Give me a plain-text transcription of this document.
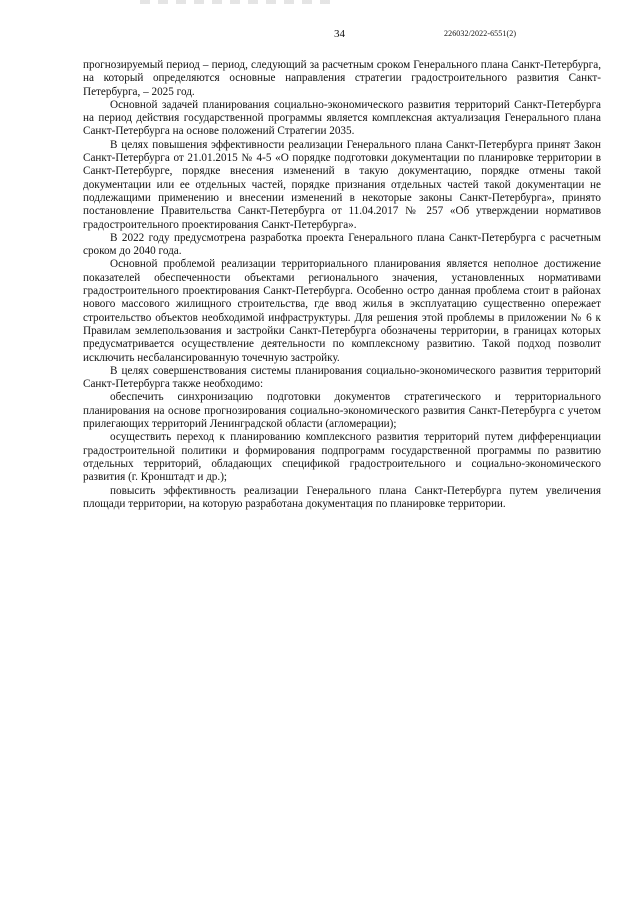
34	226032/2022-6551(2)

прогнозируемый период – период, следующий за расчетным сроком Генерального плана Санкт-Петербурга, на который определяются основные направления стратегии градостроительного развития Санкт-Петербурга, – 2025 год.

Основной задачей планирования социально-экономического развития территорий Санкт-Петербурга на период действия государственной программы является комплексная актуализация Генерального плана Санкт-Петербурга на основе положений Стратегии 2035.

В целях повышения эффективности реализации Генерального плана Санкт-Петербурга принят Закон Санкт-Петербурга от 21.01.2015 № 4-5 «О порядке подготовки документации по планировке территории в Санкт-Петербурге, порядке внесения изменений в такую документацию, порядке отмены такой документации или ее отдельных частей, порядке признания отдельных частей такой документации не подлежащими применению и внесении изменений в некоторые законы Санкт-Петербурга», принято постановление Правительства Санкт-Петербурга от 11.04.2017 № 257 «Об утверждении нормативов градостроительного проектирования Санкт-Петербурга».

В 2022 году предусмотрена разработка проекта Генерального плана Санкт-Петербурга с расчетным сроком до 2040 года.

Основной проблемой реализации территориального планирования является неполное достижение показателей обеспеченности объектами регионального значения, установленных нормативами градостроительного проектирования Санкт-Петербурга. Особенно остро данная проблема стоит в районах нового массового жилищного строительства, где ввод жилья в эксплуатацию существенно опережает строительство объектов необходимой инфраструктуры. Для решения этой проблемы в приложении № 6 к Правилам землепользования и застройки Санкт-Петербурга обозначены территории, в границах которых предусматривается осуществление деятельности по комплексному развитию. Такой подход позволит исключить несбалансированную точечную застройку.

В целях совершенствования системы планирования социально-экономического развития территорий Санкт-Петербурга также необходимо:

обеспечить синхронизацию подготовки документов стратегического и территориального планирования на основе прогнозирования социально-экономического развития Санкт-Петербурга с учетом прилегающих территорий Ленинградской области (агломерации);

осуществить переход к планированию комплексного развития территорий путем дифференциации градостроительной политики и формирования подпрограмм государственной программы по развитию отдельных территорий, обладающих спецификой градостроительного и социально-экономического развития (г. Кронштадт и др.);

повысить эффективность реализации Генерального плана Санкт-Петербурга путем увеличения площади территории, на которую разработана документация по планировке территории.
